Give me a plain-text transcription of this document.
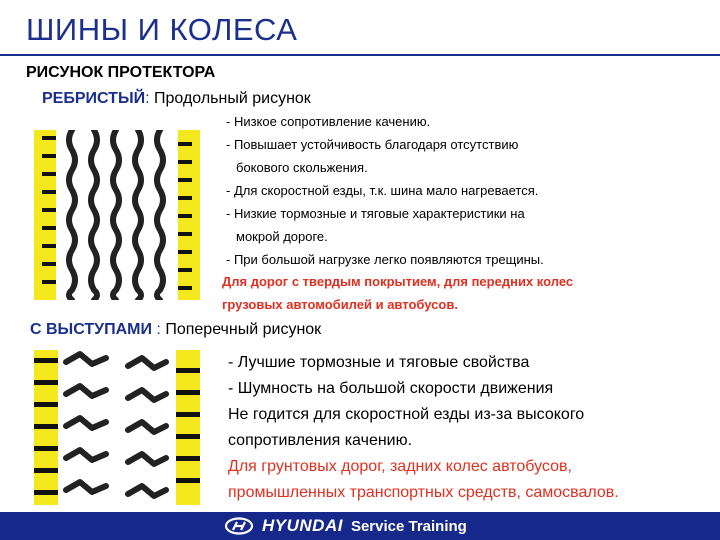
ШИНЫ И КОЛЕСА
РИСУНОК ПРОТЕКТОРА
РЕБРИСТЫЙ: Продольный рисунок
- Низкое сопротивление качению.
- Повышает устойчивость благодаря отсутствию
бокового скольжения.
- Для скоростной езды, т.к. шина мало нагревается.
- Низкие тормозные и тяговые характеристики на
мокрой дороге.
- При большой нагрузке легко появляются трещины.
Для дорог с твердым покрытием, для передних колес
грузовых автомобилей и автобусов.
С ВЫСТУПАМИ : Поперечный рисунок
- Лучшие тормозные и тяговые свойства
- Шумность на большой скорости движения
Не годится для скоростной езды из-за высокого
сопротивления качению.
Для грунтовых дорог, задних колес автобусов,
промышленных транспортных средств, самосвалов.
HYUNDAI Service Training
